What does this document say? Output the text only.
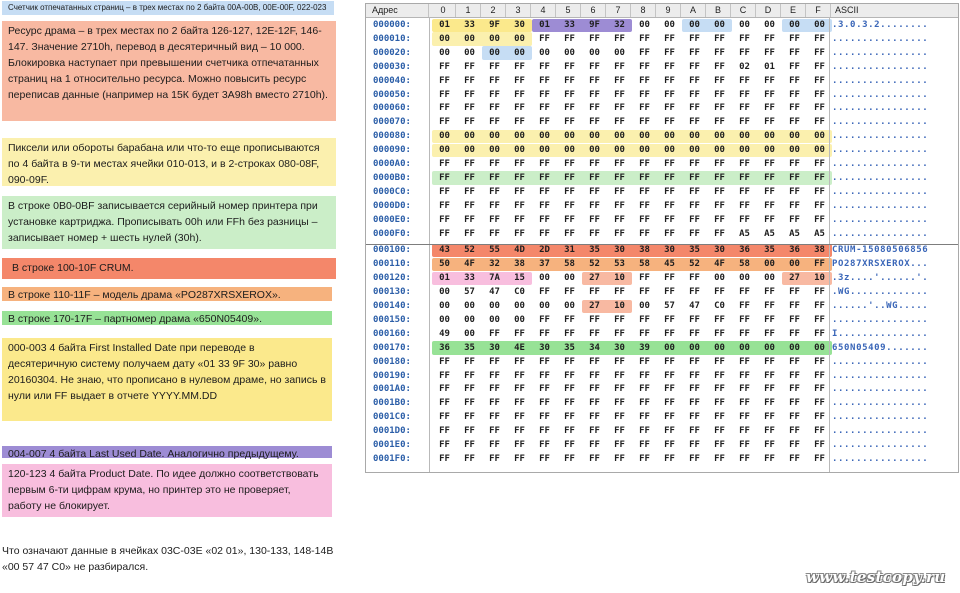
Счетчик отпечатанных страниц – в трех местах по 2 байта 00А-00В, 00Е-00F, 022-023
Ресурс драма – в трех местах по 2 байта 126-127, 12Е-12F, 146-147. Значение 2710h, перевод в десятеричный вид – 10 000. Блокировка наступает при превышении счетчика отпечатанных страниц на 1 относительно ресурса. Можно повысить ресурс переписав данные (например на 15К будет 3А98h вместо 2710h).
Пиксели или обороты барабана или что-то еще прописываются по 4 байта в 9-ти местах ячейки 010-013, и в 2-строках 080-08F, 090-09F.
В строке 0В0-0ВF записывается серийный номер принтера при установке картриджа. Прописывать 00h или FFh без разницы – записывает номер + шесть нулей (30h).
В строке 100-10F CRUM.
В строке 110-11F – модель драма «PO287XRSXEROX».
В строке 170-17F – партномер драма «650N05409».
000-003 4 байта First Installed Date при переводе в десятеричную систему получаем дату «01 33 9F 30» равно 20160304. Не знаю, что прописано в нулевом драме, но запись в нули или FF выдает в отчете YYYY.MM.DD
004-007 4 байта Last Used Date. Аналогично предыдущему.
120-123 4 байта Product Date. По идее должно соответствовать первым 6-ти цифрам крума, но принтер это не проверяет, работу не блокирует.
Что означают данные в ячейках 03С-03Е «02 01», 130-133, 148-14В «00 57 47 С0» не разбирался.
www.testcopy.ru
Адрес	0	1	2	3	4	5	6	7	8	9	A	B	C	D	E	F	ASCII
000000:	01	33	9F	30	01	33	9F	32	00	00	00	00	00	00	00	00 .3.0.3.2........
000010:	00	00	00	00	FF	FF	FF	FF	FF	FF	FF	FF	FF	FF	FF	FF ................
000020:	00	00	00	00	00	00	00	00	FF	FF	FF	FF	FF	FF	FF	FF ................
000030:	FF	FF	FF	FF	FF	FF	FF	FF	FF	FF	FF	FF	02	01	FF	FF ................
000040:	FF	FF	FF	FF	FF	FF	FF	FF	FF	FF	FF	FF	FF	FF	FF	FF ................
000050:	FF	FF	FF	FF	FF	FF	FF	FF	FF	FF	FF	FF	FF	FF	FF	FF ................
000060:	FF	FF	FF	FF	FF	FF	FF	FF	FF	FF	FF	FF	FF	FF	FF	FF ................
000070:	FF	FF	FF	FF	FF	FF	FF	FF	FF	FF	FF	FF	FF	FF	FF	FF ................
000080:	00	00	00	00	00	00	00	00	00	00	00	00	00	00	00	00 ................
000090:	00	00	00	00	00	00	00	00	00	00	00	00	00	00	00	00 ................
0000A0:	FF	FF	FF	FF	FF	FF	FF	FF	FF	FF	FF	FF	FF	FF	FF	FF ................
0000B0:	FF	FF	FF	FF	FF	FF	FF	FF	FF	FF	FF	FF	FF	FF	FF	FF ................
0000C0:	FF	FF	FF	FF	FF	FF	FF	FF	FF	FF	FF	FF	FF	FF	FF	FF ................
0000D0:	FF	FF	FF	FF	FF	FF	FF	FF	FF	FF	FF	FF	FF	FF	FF	FF ................
0000E0:	FF	FF	FF	FF	FF	FF	FF	FF	FF	FF	FF	FF	FF	FF	FF	FF ................
0000F0:	FF	FF	FF	FF	FF	FF	FF	FF	FF	FF	FF	FF	A5	A5	A5	A5 ................
000100:	43	52	55	4D	2D	31	35	30	38	30	35	30	36	35	36	38 CRUM-15080506856
000110:	50	4F	32	38	37	58	52	53	58	45	52	4F	58	00	00	FF PO287XRSXEROX...
000120:	01	33	7A	15	00	00	27	10	FF	FF	FF	00	00	00	27	10 .3z....'......'.
000130:	00	57	47	C0	FF	FF	FF	FF	FF	FF	FF	FF	FF	FF	FF	FF .WG.............
000140:	00	00	00	00	00	00	27	10	00	57	47	C0	FF	FF	FF	FF ......'..WG.....
000150:	00	00	00	00	FF	FF	FF	FF	FF	FF	FF	FF	FF	FF	FF	FF ................
000160:	49	00	FF	FF	FF	FF	FF	FF	FF	FF	FF	FF	FF	FF	FF	FF I...............
000170:	36	35	30	4E	30	35	34	30	39	00	00	00	00	00	00	00 650N05409.......
000180:	FF	FF	FF	FF	FF	FF	FF	FF	FF	FF	FF	FF	FF	FF	FF	FF ................
000190:	FF	FF	FF	FF	FF	FF	FF	FF	FF	FF	FF	FF	FF	FF	FF	FF ................
0001A0:	FF	FF	FF	FF	FF	FF	FF	FF	FF	FF	FF	FF	FF	FF	FF	FF ................
0001B0:	FF	FF	FF	FF	FF	FF	FF	FF	FF	FF	FF	FF	FF	FF	FF	FF ................
0001C0:	FF	FF	FF	FF	FF	FF	FF	FF	FF	FF	FF	FF	FF	FF	FF	FF ................
0001D0:	FF	FF	FF	FF	FF	FF	FF	FF	FF	FF	FF	FF	FF	FF	FF	FF ................
0001E0:	FF	FF	FF	FF	FF	FF	FF	FF	FF	FF	FF	FF	FF	FF	FF	FF ................
0001F0:	FF	FF	FF	FF	FF	FF	FF	FF	FF	FF	FF	FF	FF	FF	FF	FF ................
